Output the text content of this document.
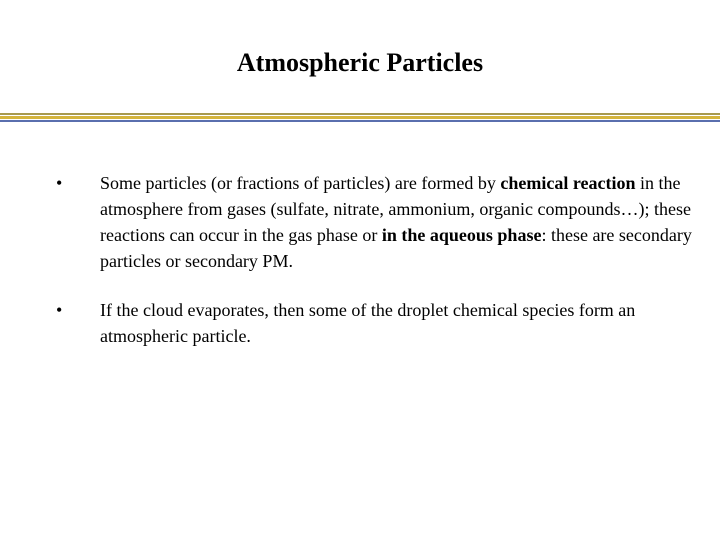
Atmospheric Particles
• Some particles (or fractions of particles) are formed by chemical reaction in the atmosphere from gases (sulfate, nitrate, ammonium, organic compounds…); these reactions can occur in the gas phase or in the aqueous phase: these are secondary particles or secondary PM.
• If the cloud evaporates, then some of the droplet chemical species form an atmospheric particle.
